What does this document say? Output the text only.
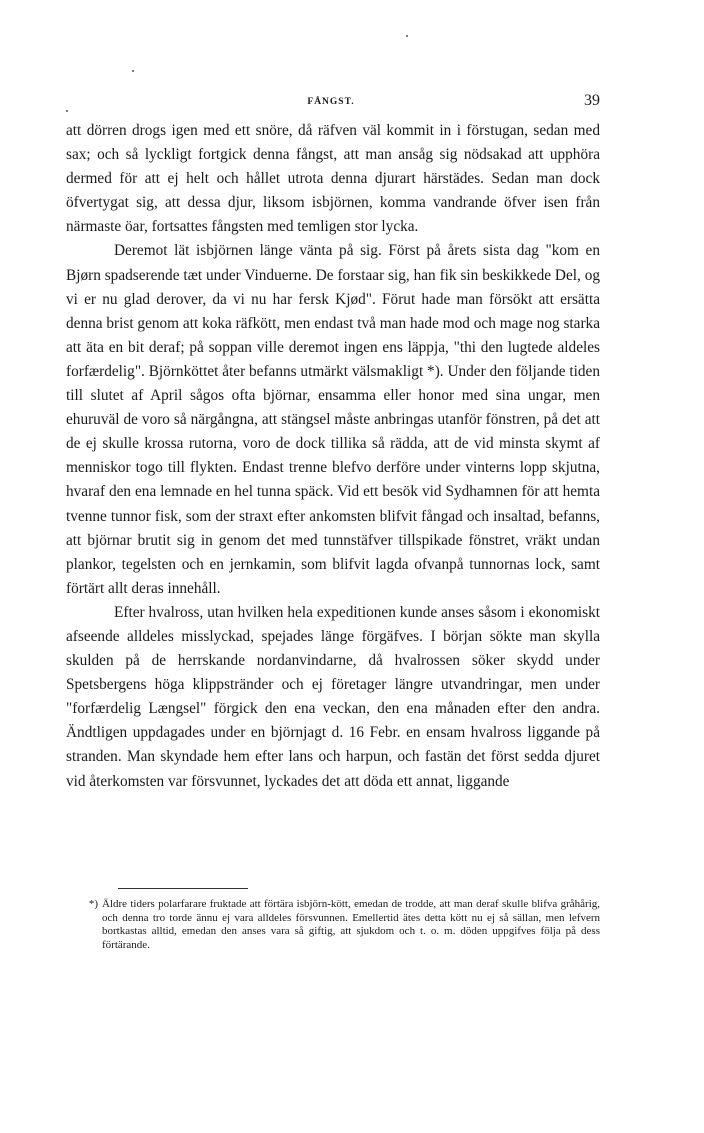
FÅNGST.	39

att dörren drogs igen med ett snöre, då räfven väl kommit in i förstugan, sedan med sax; och så lyckligt fortgick denna fångst, att man ansåg sig nödsakad att upphöra dermed för att ej helt och hållet utrota denna djurart härstädes. Sedan man dock öfvertygat sig, att dessa djur, liksom isbjörnen, komma vandrande öfver isen från närmaste öar, fortsattes fångsten med temligen stor lycka.

Deremot lät isbjörnen länge vänta på sig. Först på årets sista dag "kom en Bjørn spadserende tæt under Vinduerne. De forstaar sig, han fik sin beskikkede Del, og vi er nu glad derover, da vi nu har fersk Kjød". Förut hade man försökt att ersätta denna brist genom att koka räfkött, men endast två man hade mod och mage nog starka att äta en bit deraf; på soppan ville deremot ingen ens läppja, "thi den lugtede aldeles forfærdelig". Björnköttet åter befanns utmärkt välsmakligt *). Under den följande tiden till slutet af April sågos ofta björnar, ensamma eller honor med sina ungar, men ehuruväl de voro så närgångna, att stängsel måste anbringas utanför fönstren, på det att de ej skulle krossa rutorna, voro de dock tillika så rädda, att de vid minsta skymt af menniskor togo till flykten. Endast trenne blefvo derföre under vinterns lopp skjutna, hvaraf den ena lemnade en hel tunna späck. Vid ett besök vid Sydhamnen för att hemta tvenne tunnor fisk, som der straxt efter ankomsten blifvit fångad och insaltad, befanns, att björnar brutit sig in genom det med tunnstäfver tillspikade fönstret, vräkt undan plankor, tegelsten och en jernkamin, som blifvit lagda ofvanpå tunnornas lock, samt förtärt allt deras innehåll.

Efter hvalross, utan hvilken hela expeditionen kunde anses såsom i ekonomiskt afseende alldeles misslyckad, spejades länge förgäfves. I början sökte man skylla skulden på de herrskande nordanvindarne, då hvalrossen söker skydd under Spetsbergens höga klippstränder och ej företager längre utvandringar, men under "forfærdelig Længsel" förgick den ena veckan, den ena månaden efter den andra. Ändtligen uppdagades under en björnjagt d. 16 Febr. en ensam hvalross liggande på stranden. Man skyndade hem efter lans och harpun, och fastän det först sedda djuret vid återkomsten var försvunnet, lyckades det att döda ett annat, liggande

*) Äldre tiders polarfarare fruktade att förtära isbjörn-kött, emedan de trodde, att man deraf skulle blifva gråhårig, och denna tro torde ännu ej vara alldeles försvunnen. Emellertid ätes detta kött nu ej så sällan, men lefvern bortkastas alltid, emedan den anses vara så giftig, att sjukdom och t. o. m. döden uppgifves följa på dess förtärande.
